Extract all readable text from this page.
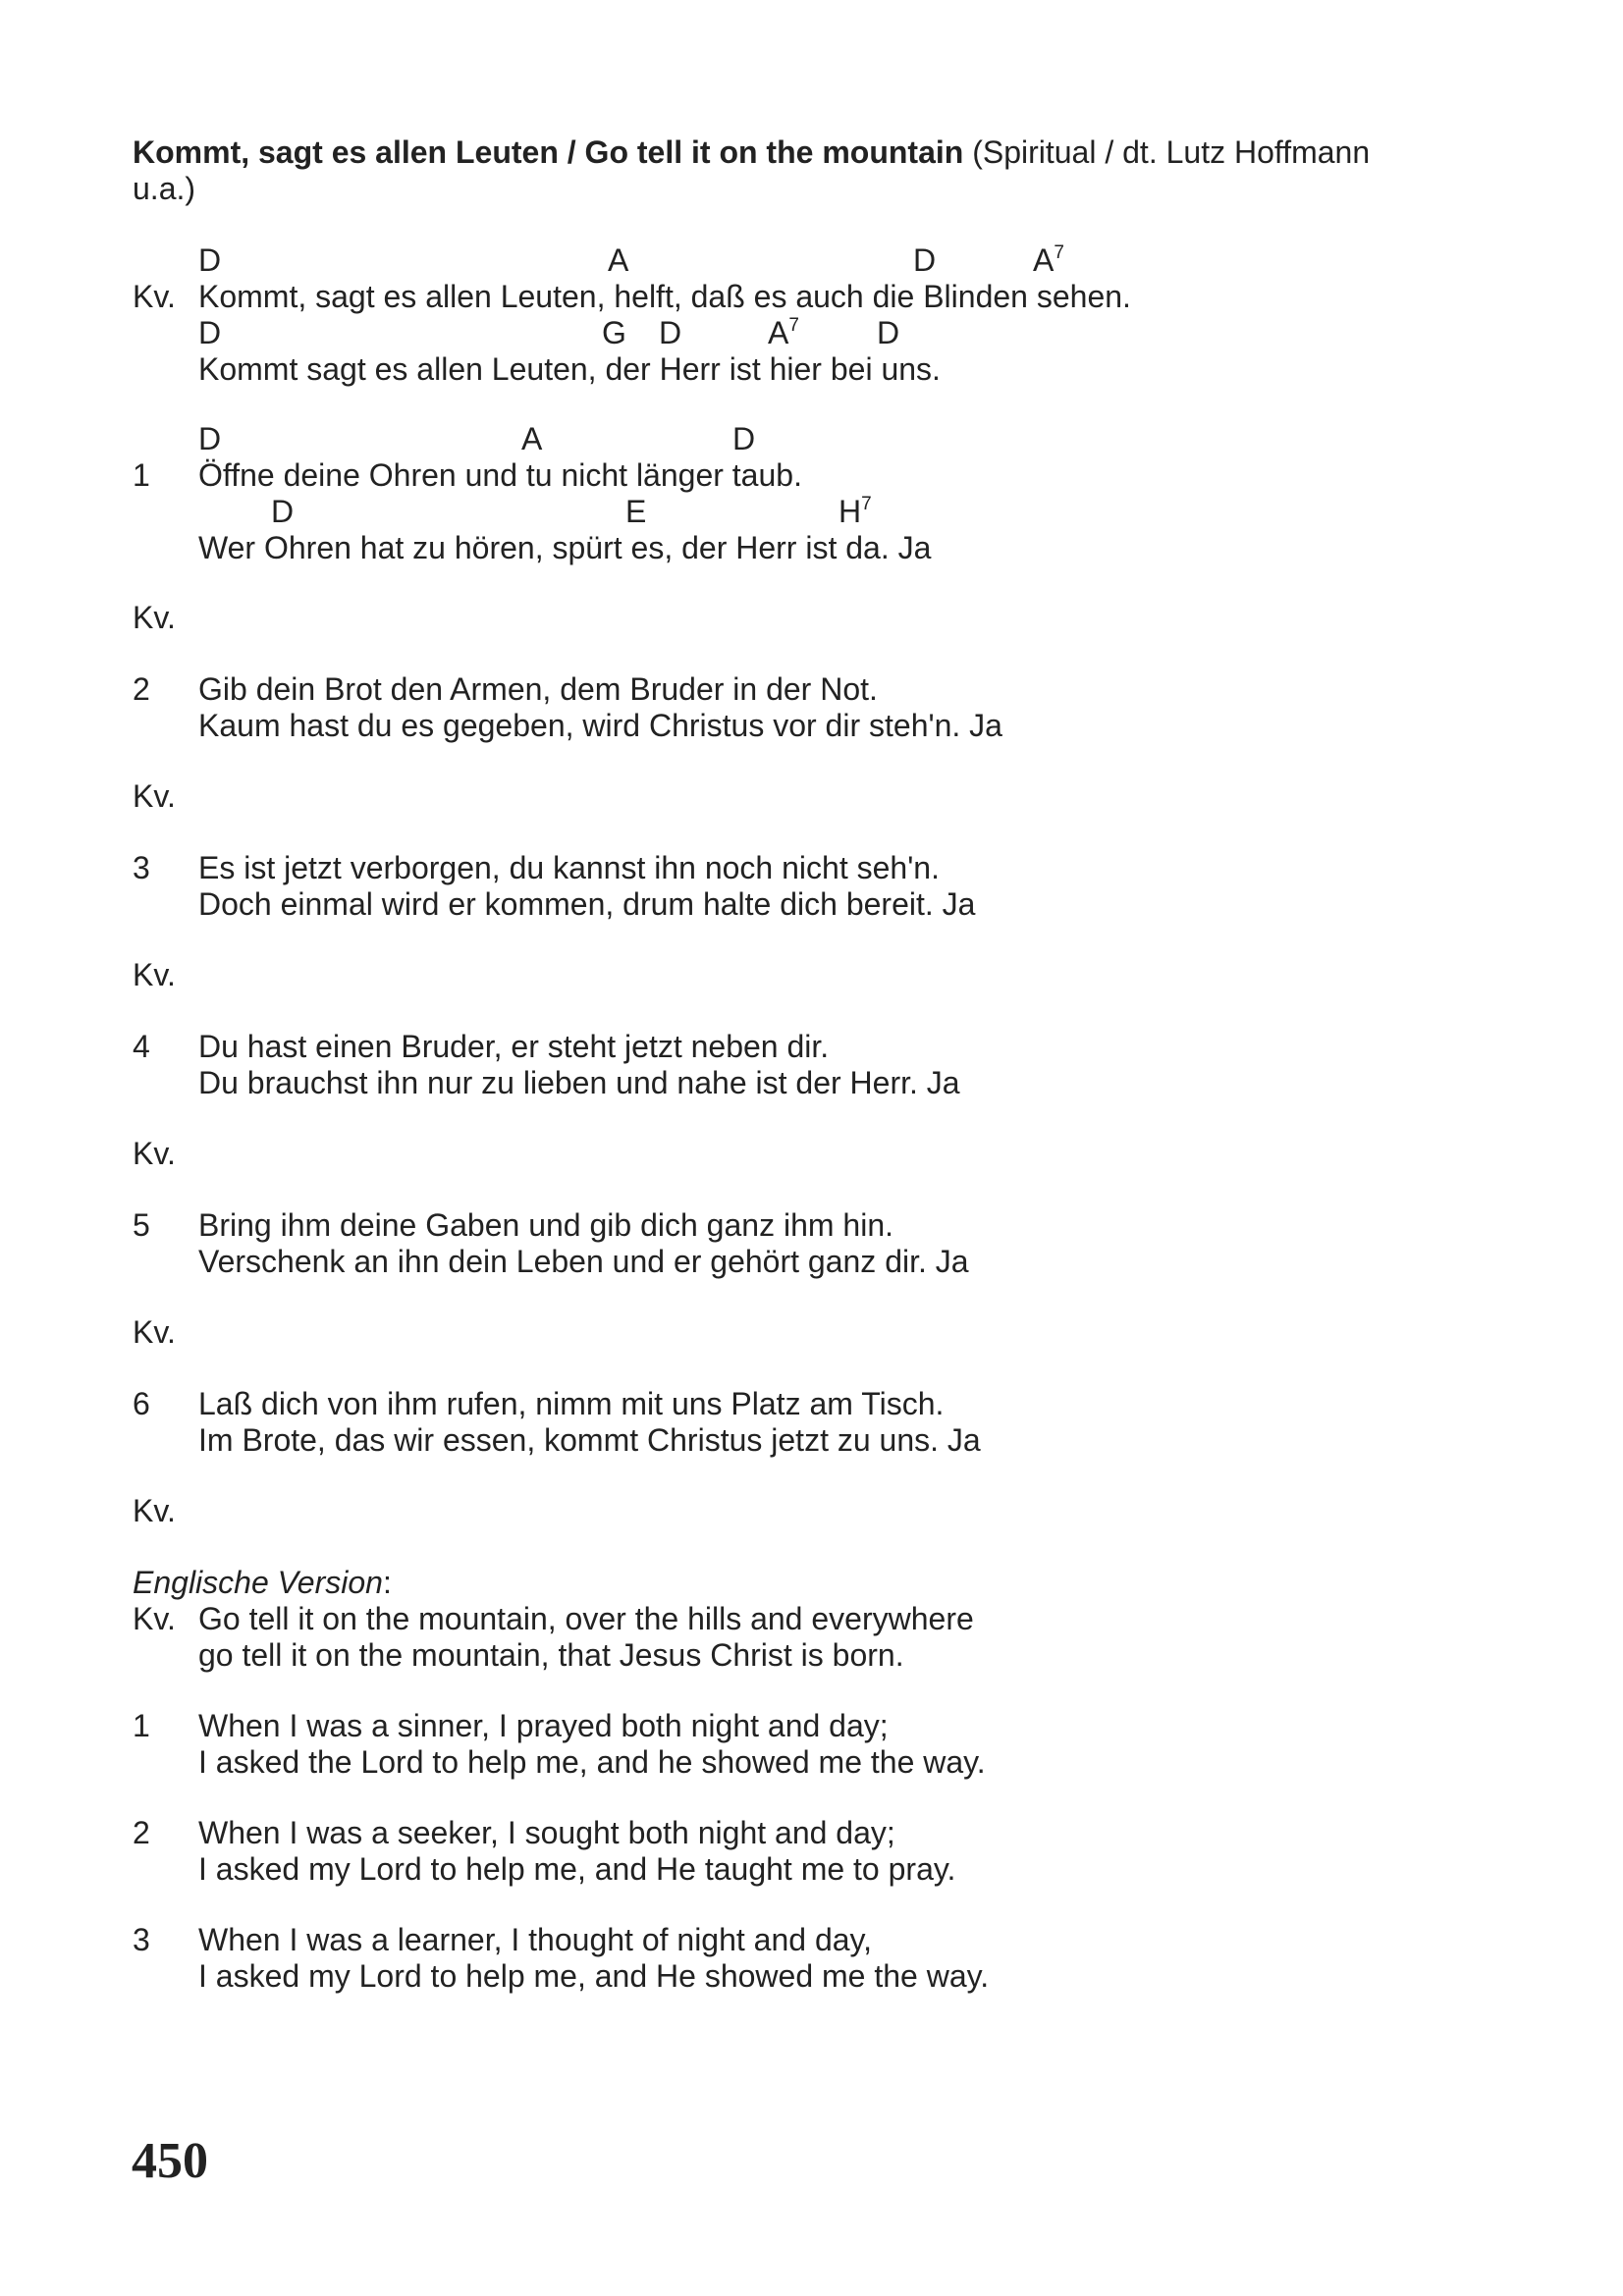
Kommt, sagt es allen Leuten / Go tell it on the mountain (Spiritual / dt. Lutz Hoffmann u.a.)
D	A	D	$A^7$
Kv. Kommt, sagt es allen Leuten, helft, daß es auch die Blinden sehen.
D	G D	$A^7$ D
Kommt sagt es allen Leuten, der Herr ist hier bei uns.
D	A	D
1 Öffne deine Ohren und tu nicht länger taub.
D	E	$H^7$
Wer Ohren hat zu hören, spürt es, der Herr ist da. Ja
Kv.
2 Gib dein Brot den Armen, dem Bruder in der Not.
Kaum hast du es gegeben, wird Christus vor dir steh'n. Ja
Kv.
3 Es ist jetzt verborgen, du kannst ihn noch nicht seh'n.
Doch einmal wird er kommen, drum halte dich bereit. Ja
Kv.
4 Du hast einen Bruder, er steht jetzt neben dir.
Du brauchst ihn nur zu lieben und nahe ist der Herr. Ja
Kv.
5 Bring ihm deine Gaben und gib dich ganz ihm hin.
Verschenk an ihn dein Leben und er gehört ganz dir. Ja
Kv.
6 Laß dich von ihm rufen, nimm mit uns Platz am Tisch.
Im Brote, das wir essen, kommt Christus jetzt zu uns. Ja
Kv.
Englische Version:
Kv. Go tell it on the mountain, over the hills and everywhere
go tell it on the mountain, that Jesus Christ is born.
1 When I was a sinner, I prayed both night and day;
I asked the Lord to help me, and he showed me the way.
2 When I was a seeker, I sought both night and day;
I asked my Lord to help me, and He taught me to pray.
3 When I was a learner, I thought of night and day,
I asked my Lord to help me, and He showed me the way.
450
